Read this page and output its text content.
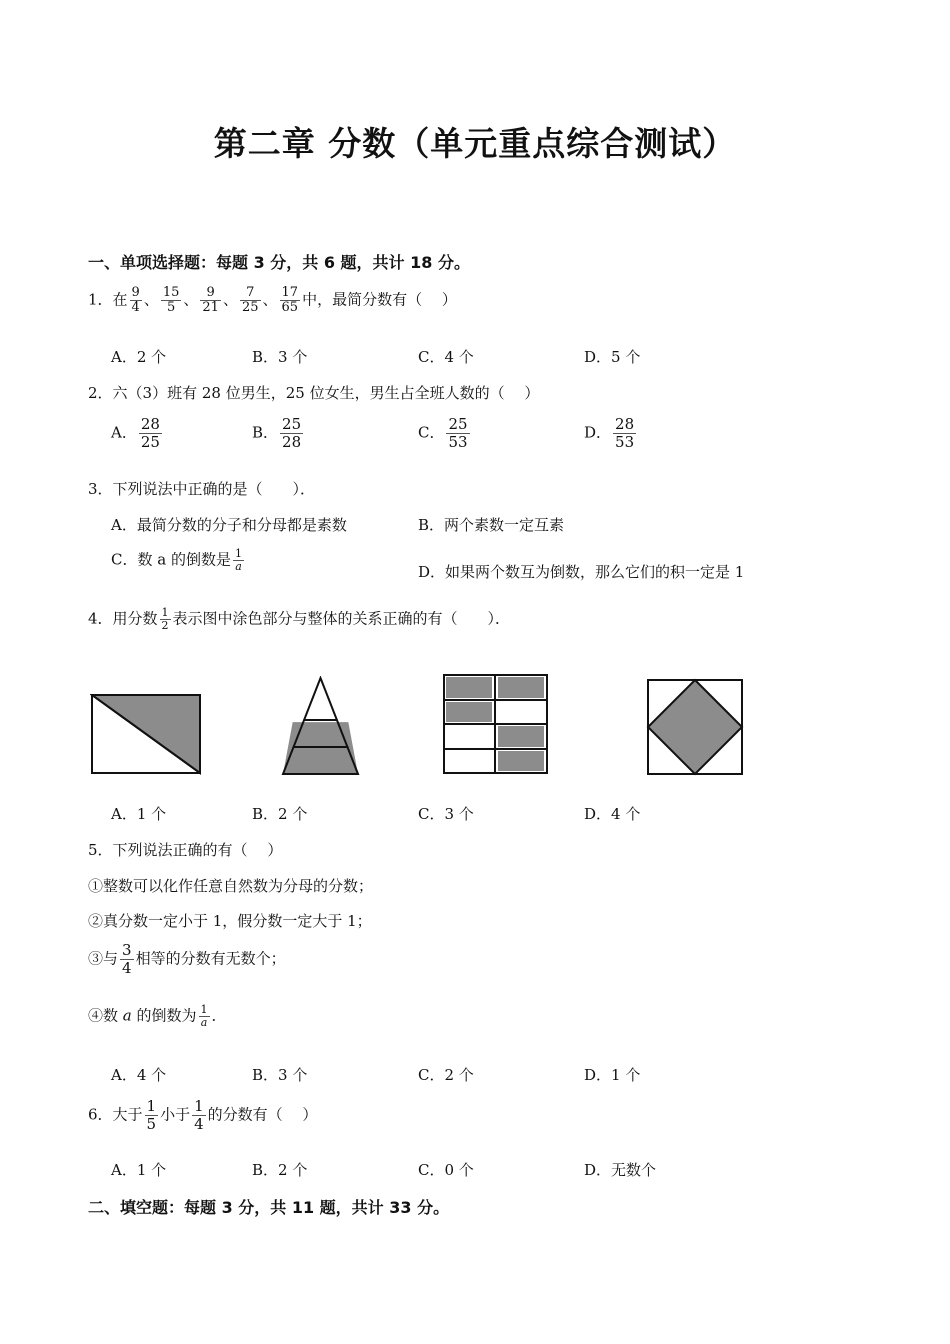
第二章 分数（单元重点综合测试）
一、单项选择题：每题 3 分，共 6 题，共计 18 分。
1．在 $\frac{9}{4}$ 、 $\frac{15}{5}$ 、 $\frac{9}{21}$ 、 $\frac{7}{25}$ 、 $\frac{17}{65}$ 中，最简分数有（　 ）
A．2 个	B．3 个	C．4 个	D．5 个
2．六（3）班有 28 位男生，25 位女生，男生占全班人数的（　 ）
A． $\frac{28}{25}$	B． $\frac{25}{28}$	C． $\frac{25}{53}$	D． $\frac{28}{53}$
3．下列说法中正确的是（　　）．
A．最简分数的分子和分母都是素数	B．两个素数一定互素
C．数 a 的倒数是 $\frac{1}{a}$	D．如果两个数互为倒数，那么它们的积一定是 1
4．用分数 $\frac{1}{2}$ 表示图中涂色部分与整体的关系正确的有（　　）．
A．1 个	B．2 个	C．3 个	D．4 个
5．下列说法正确的有（　 ）
①整数可以化作任意自然数为分母的分数；
②真分数一定小于 1，假分数一定大于 1；
③与 $\frac{3}{4}$ 相等的分数有无数个；
④数 a 的倒数为 $\frac{1}{a}$ ．
A．4 个	B．3 个	C．2 个	D．1 个
6．大于 $\frac{1}{5}$ 小于 $\frac{1}{4}$ 的分数有（　 ）
A．1 个	B．2 个	C．0 个	D．无数个
二、填空题：每题 3 分，共 11 题，共计 33 分。
